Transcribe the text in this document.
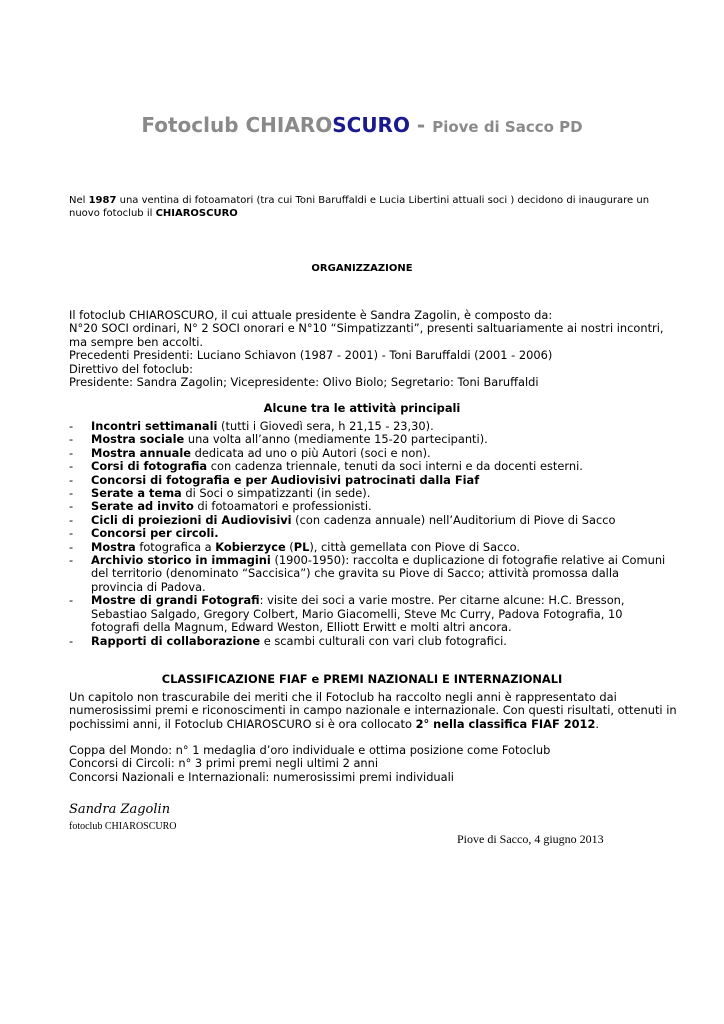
Fotoclub CHIAROSCURO - Piove di Sacco PD
Nel 1987 una ventina di fotoamatori (tra cui Toni Baruffaldi e Lucia Libertini attuali soci ) decidono di inaugurare un
nuovo fotoclub il CHIAROSCURO
ORGANIZZAZIONE
Il fotoclub CHIAROSCURO, il cui attuale presidente è Sandra Zagolin, è composto da:
N°20 SOCI ordinari, N° 2 SOCI onorari e N°10 “Simpatizzanti”, presenti saltuariamente ai nostri incontri,
ma sempre ben accolti.
Precedenti Presidenti: Luciano Schiavon (1987 - 2001) - Toni Baruffaldi (2001 - 2006)
Direttivo del fotoclub:
Presidente: Sandra Zagolin; Vicepresidente: Olivo Biolo; Segretario: Toni Baruffaldi
Alcune tra le attività principali
- Incontri settimanali (tutti i Giovedì sera, h 21,15 - 23,30).
- Mostra sociale una volta all’anno (mediamente 15-20 partecipanti).
- Mostra annuale dedicata ad uno o più Autori (soci e non).
- Corsi di fotografia con cadenza triennale, tenuti da soci interni e da docenti esterni.
- Concorsi di fotografia e per Audiovisivi patrocinati dalla Fiaf
- Serate a tema di Soci o simpatizzanti (in sede).
- Serate ad invito di fotoamatori e professionisti.
- Cicli di proiezioni di Audiovisivi (con cadenza annuale) nell’Auditorium di Piove di Sacco
- Concorsi per circoli.
- Mostra fotografica a Kobierzyce (PL), città gemellata con Piove di Sacco.
- Archivio storico in immagini (1900-1950): raccolta e duplicazione di fotografie relative ai Comuni
del territorio (denominato “Saccisica”) che gravita su Piove di Sacco; attività promossa dalla
provincia di Padova.
- Mostre di grandi Fotografi: visite dei soci a varie mostre. Per citarne alcune: H.C. Bresson,
Sebastiao Salgado, Gregory Colbert, Mario Giacomelli, Steve Mc Curry, Padova Fotografia, 10
fotografi della Magnum, Edward Weston, Elliott Erwitt e molti altri ancora.
- Rapporti di collaborazione e scambi culturali con vari club fotografici.
CLASSIFICAZIONE FIAF e PREMI NAZIONALI E INTERNAZIONALI
Un capitolo non trascurabile dei meriti che il Fotoclub ha raccolto negli anni è rappresentato dai
numerosissimi premi e riconoscimenti in campo nazionale e internazionale. Con questi risultati, ottenuti in
pochissimi anni, il Fotoclub CHIAROSCURO si è ora collocato 2° nella classifica FIAF 2012.
Coppa del Mondo: n° 1 medaglia d’oro individuale e ottima posizione come Fotoclub
Concorsi di Circoli: n° 3 primi premi negli ultimi 2 anni
Concorsi Nazionali e Internazionali: numerosissimi premi individuali
Sandra Zagolin
fotoclub CHIAROSCURO
Piove di Sacco, 4 giugno 2013
